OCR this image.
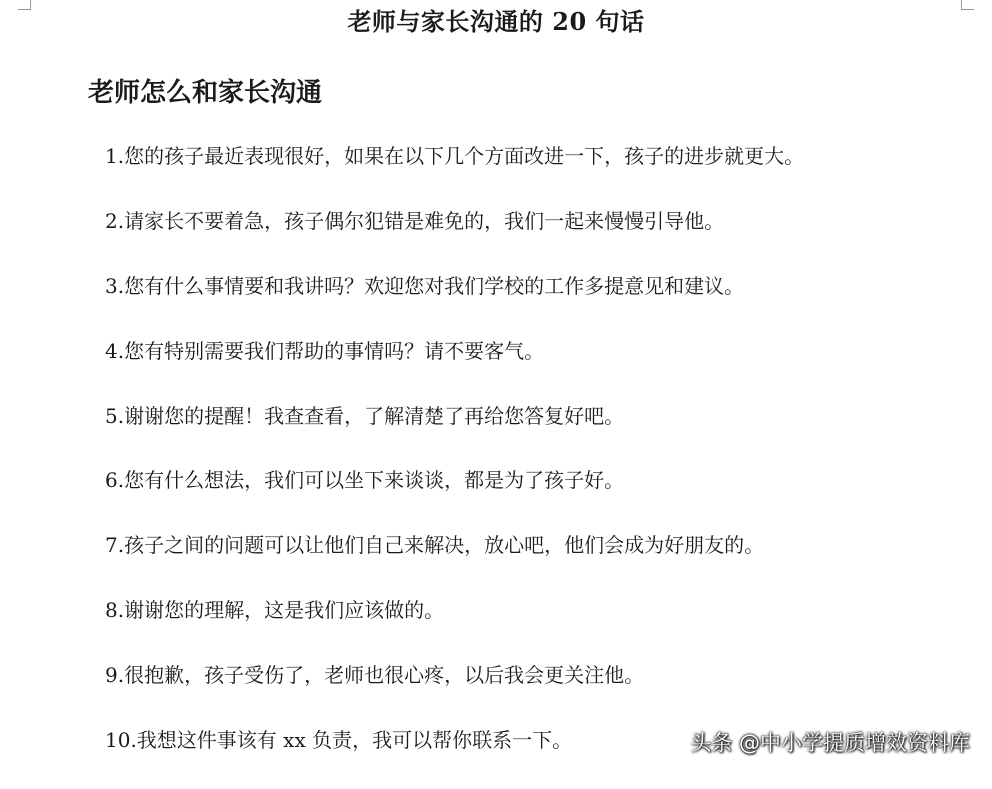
老师与家长沟通的 20 句话
老师怎么和家长沟通
1.您的孩子最近表现很好，如果在以下几个方面改进一下，孩子的进步就更大。
2.请家长不要着急，孩子偶尔犯错是难免的，我们一起来慢慢引导他。
3.您有什么事情要和我讲吗？欢迎您对我们学校的工作多提意见和建议。
4.您有特别需要我们帮助的事情吗？请不要客气。
5.谢谢您的提醒！我查查看，了解清楚了再给您答复好吧。
6.您有什么想法，我们可以坐下来谈谈，都是为了孩子好。
7.孩子之间的问题可以让他们自己来解决，放心吧，他们会成为好朋友的。
8.谢谢您的理解，这是我们应该做的。
9.很抱歉，孩子受伤了，老师也很心疼，以后我会更关注他。
10.我想这件事该有 xx 负责，我可以帮你联系一下。	头条 @中小学提质增效资料库
